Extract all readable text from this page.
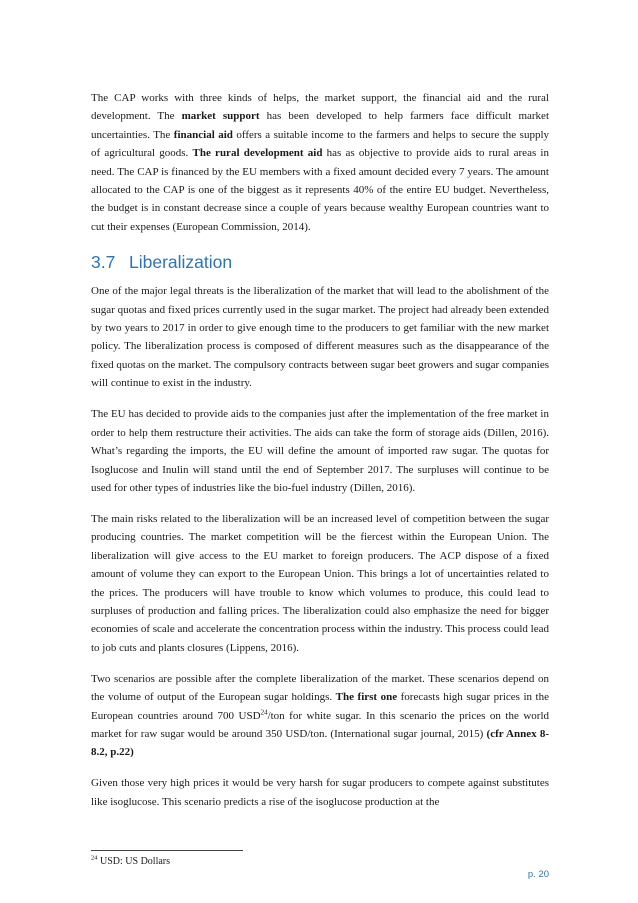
The CAP works with three kinds of helps, the market support, the financial aid and the rural development. The market support has been developed to help farmers face difficult market uncertainties. The financial aid offers a suitable income to the farmers and helps to secure the supply of agricultural goods. The rural development aid has as objective to provide aids to rural areas in need. The CAP is financed by the EU members with a fixed amount decided every 7 years. The amount allocated to the CAP is one of the biggest as it represents 40% of the entire EU budget. Nevertheless, the budget is in constant decrease since a couple of years because wealthy European countries want to cut their expenses (European Commission, 2014).

3.7 Liberalization

One of the major legal threats is the liberalization of the market that will lead to the abolishment of the sugar quotas and fixed prices currently used in the sugar market. The project had already been extended by two years to 2017 in order to give enough time to the producers to get familiar with the new market policy. The liberalization process is composed of different measures such as the disappearance of the fixed quotas on the market. The compulsory contracts between sugar beet growers and sugar companies will continue to exist in the industry.

The EU has decided to provide aids to the companies just after the implementation of the free market in order to help them restructure their activities. The aids can take the form of storage aids (Dillen, 2016). What’s regarding the imports, the EU will define the amount of imported raw sugar. The quotas for Isoglucose and Inulin will stand until the end of September 2017. The surpluses will continue to be used for other types of industries like the bio-fuel industry (Dillen, 2016).

The main risks related to the liberalization will be an increased level of competition between the sugar producing countries. The market competition will be the fiercest within the European Union. The liberalization will give access to the EU market to foreign producers. The ACP dispose of a fixed amount of volume they can export to the European Union. This brings a lot of uncertainties related to the prices. The producers will have trouble to know which volumes to produce, this could lead to surpluses of production and falling prices. The liberalization could also emphasize the need for bigger economies of scale and accelerate the concentration process within the industry. This process could lead to job cuts and plants closures (Lippens, 2016).

Two scenarios are possible after the complete liberalization of the market. These scenarios depend on the volume of output of the European sugar holdings. The first one forecasts high sugar prices in the European countries around 700 USD$^{24}$/ton for white sugar. In this scenario the prices on the world market for raw sugar would be around 350 USD/ton. (International sugar journal, 2015) (cfr Annex 8-8.2, p.22)

Given those very high prices it would be very harsh for sugar producers to compete against substitutes like isoglucose. This scenario predicts a rise of the isoglucose production at the

$^{24}$ USD: US Dollars
p. 20
